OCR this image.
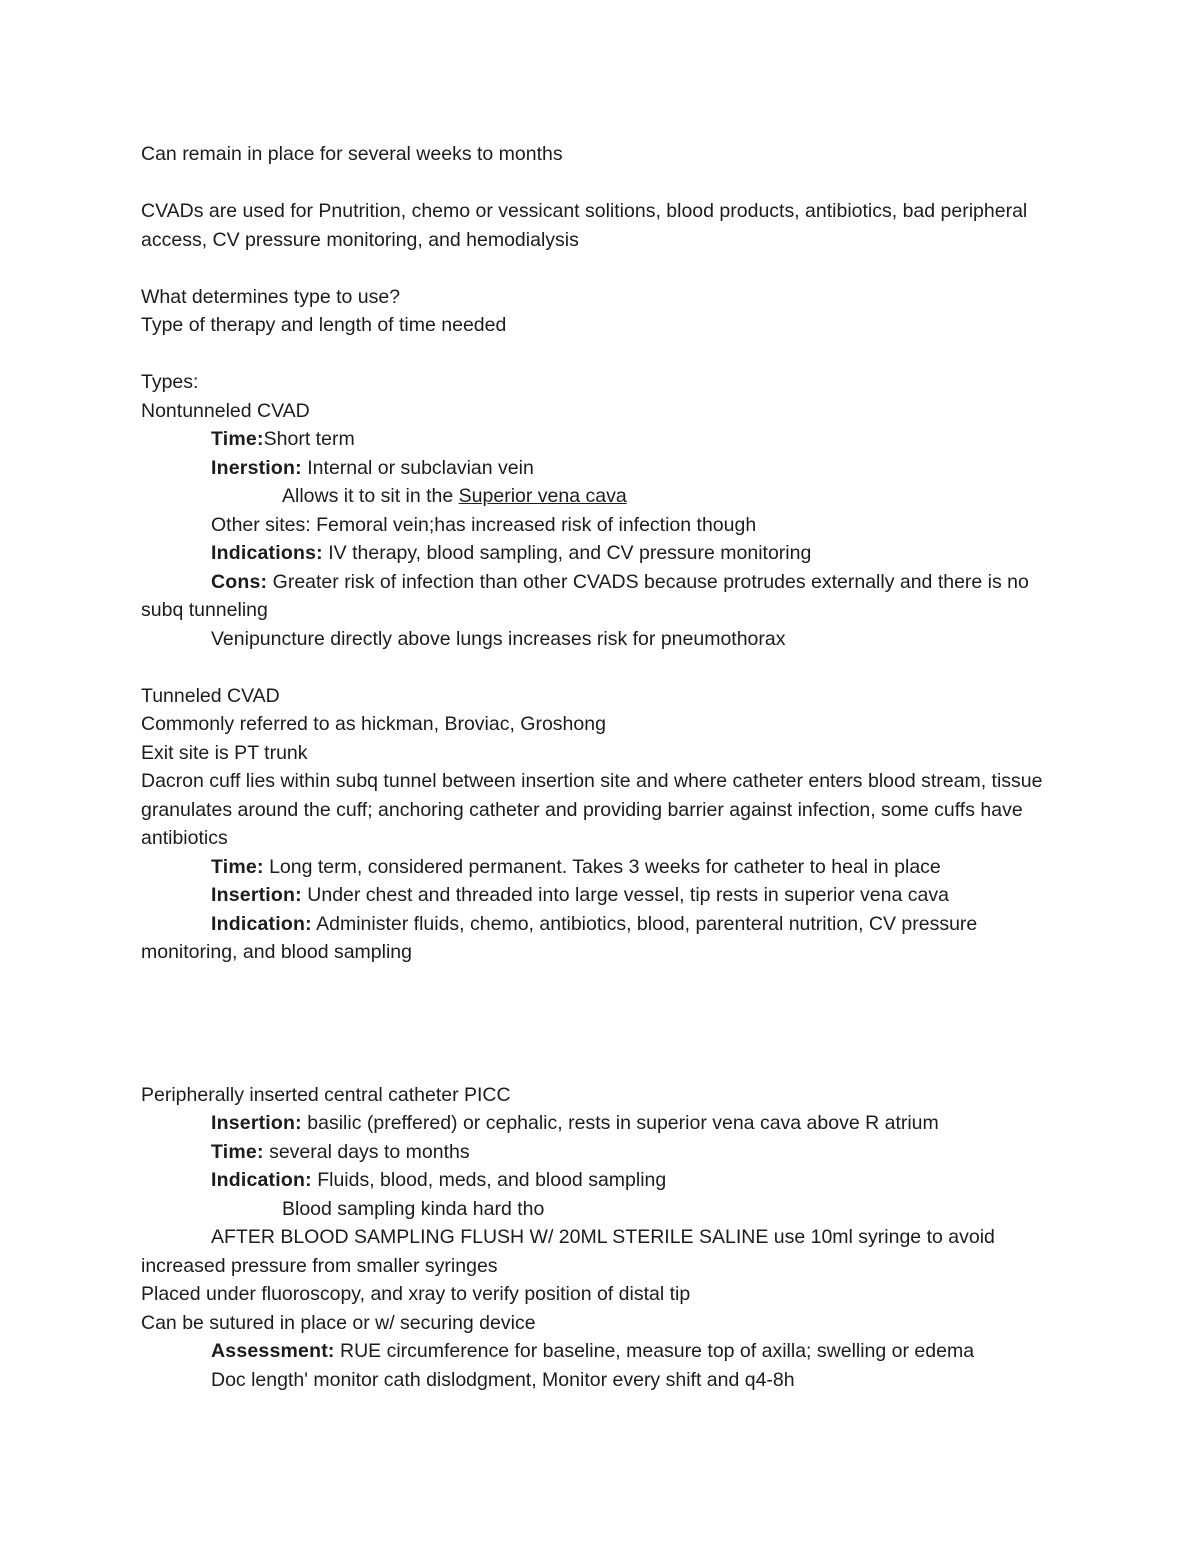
Can remain in place for several weeks to months
CVADs are used for Pnutrition, chemo or vessicant solitions, blood products, antibiotics, bad peripheral access, CV pressure monitoring, and hemodialysis
What determines type to use?
Type of therapy and length of time needed
Types:
Nontunneled CVAD
Time:Short term
Inerstion: Internal or subclavian vein
Allows it to sit in the Superior vena cava
Other sites: Femoral vein;has increased risk of infection though
Indications: IV therapy, blood sampling, and CV pressure monitoring
Cons: Greater risk of infection than other CVADS because protrudes externally and there is no subq tunneling
Venipuncture directly above lungs increases risk for pneumothorax
Tunneled CVAD
Commonly referred to as hickman, Broviac, Groshong
Exit site is PT trunk
Dacron cuff lies within subq tunnel between insertion site and where catheter enters blood stream, tissue granulates around the cuff; anchoring catheter and providing barrier against infection, some cuffs have antibiotics
Time: Long term, considered permanent. Takes 3 weeks for catheter to heal in place
Insertion: Under chest and threaded into large vessel, tip rests in superior vena cava
Indication: Administer fluids, chemo, antibiotics, blood, parenteral nutrition, CV pressure monitoring, and blood sampling
Peripherally inserted central catheter PICC
Insertion: basilic (preffered) or cephalic, rests in superior vena cava above R atrium
Time: several days to months
Indication: Fluids, blood, meds, and blood sampling
Blood sampling kinda hard tho
AFTER BLOOD SAMPLING FLUSH W/ 20ML STERILE SALINE use 10ml syringe to avoid increased pressure from smaller syringes
Placed under fluoroscopy, and xray to verify position of distal tip
Can be sutured in place or w/ securing device
Assessment: RUE circumference for baseline, measure top of axilla; swelling or edema
Doc length' monitor cath dislodgment, Monitor every shift and q4-8h
